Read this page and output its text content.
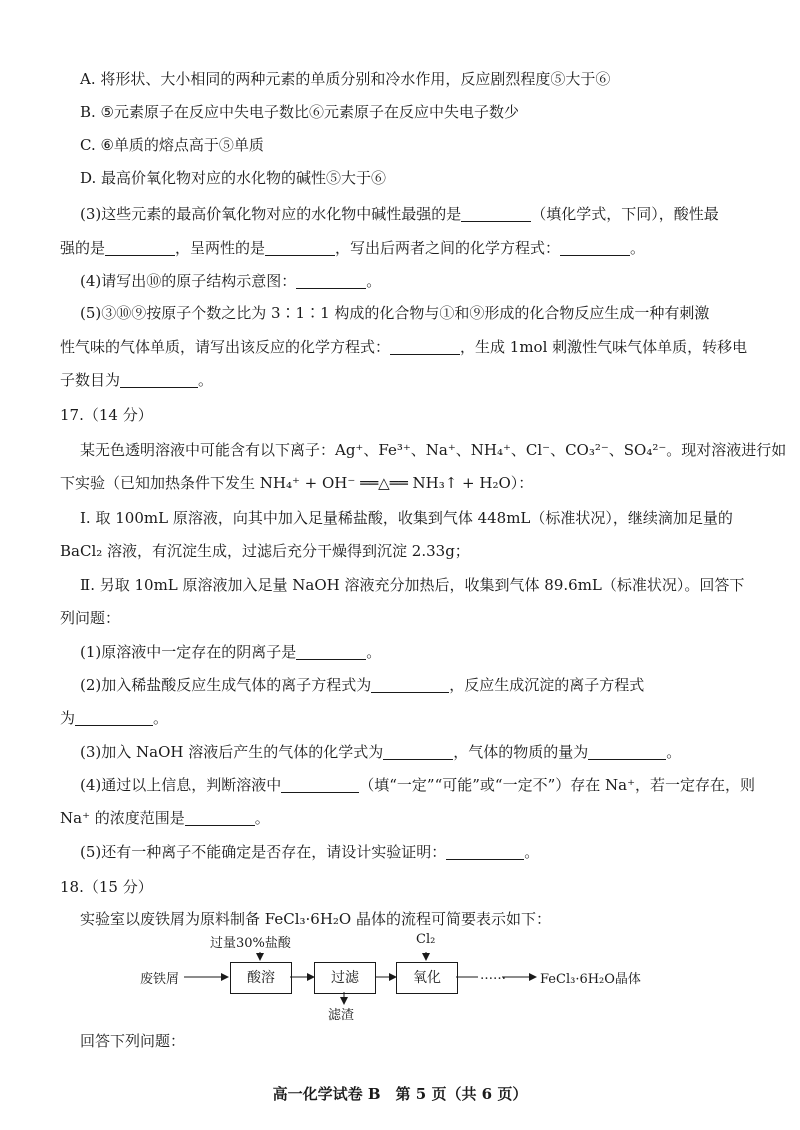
A. 将形状、大小相同的两种元素的单质分别和冷水作用，反应剧烈程度⑤大于⑥
B. ⑤元素原子在反应中失电子数比⑥元素原子在反应中失电子数少
C. ⑥单质的熔点高于⑤单质
D. 最高价氧化物对应的水化物的碱性⑤大于⑥
(3)这些元素的最高价氧化物对应的水化物中碱性最强的是	（填化学式，下同），酸性最
强的是	，呈两性的是	，写出后两者之间的化学方程式：	。
(4)请写出⑩的原子结构示意图：	。
(5)③⑩⑨按原子个数之比为 3∶1∶1 构成的化合物与①和⑨形成的化合物反应生成一种有刺激
性气味的气体单质，请写出该反应的化学方程式：	，生成 1mol 刺激性气味气体单质，转移电
子数目为	。
17.（14 分）
某无色透明溶液中可能含有以下离子：Ag⁺、Fe³⁺、Na⁺、NH₄⁺、Cl⁻、CO₃²⁻、SO₄²⁻。现对溶液进行如
下实验（已知加热条件下发生 NH₄⁺ + OH⁻ ══△══ NH₃↑ + H₂O）：
Ⅰ. 取 100mL 原溶液，向其中加入足量稀盐酸，收集到气体 448mL（标准状况），继续滴加足量的
BaCl₂ 溶液，有沉淀生成，过滤后充分干燥得到沉淀 2.33g；
Ⅱ. 另取 10mL 原溶液加入足量 NaOH 溶液充分加热后，收集到气体 89.6mL（标准状况）。回答下
列问题：
(1)原溶液中一定存在的阴离子是	。
(2)加入稀盐酸反应生成气体的离子方程式为	，反应生成沉淀的离子方程式
为	。
(3)加入 NaOH 溶液后产生的气体的化学式为	，气体的物质的量为	。
(4)通过以上信息，判断溶液中	（填“一定”“可能”或“一定不”）存在 Na⁺，若一定存在，则
Na⁺ 的浓度范围是	。
(5)还有一种离子不能确定是否存在，请设计实验证明：	。
18.（15 分）
实验室以废铁屑为原料制备 FeCl₃·6H₂O 晶体的流程可简要表示如下：
废铁屑
过量30%盐酸
酸溶	过滤
滤渣
Cl₂
氧化	……	FeCl₃·6H₂O晶体
回答下列问题：
高一化学试卷 B　第 5 页（共 6 页）
